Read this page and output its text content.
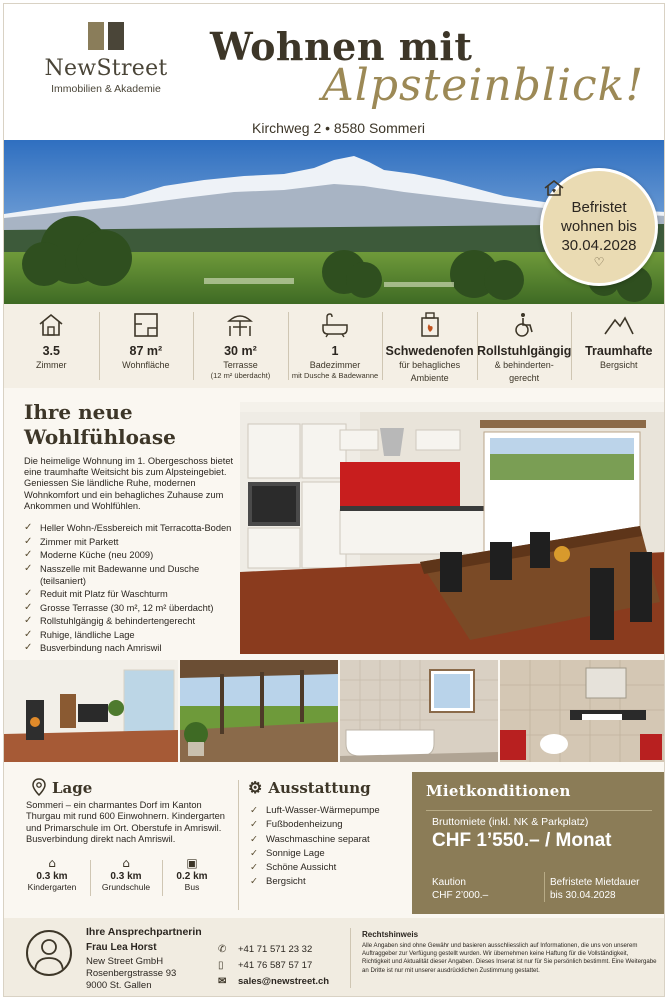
NewStreet
Immobilien & Akademie
Wohnen mit
Alpsteinblick!
Kirchweg 2 • 8580 Sommeri
Befristet
wohnen bis
30.04.2028
♡
3.5
Zimmer
87 m²
Wohnfläche
30 m²
Terrasse
(12 m² überdacht)
1
Badezimmer
mit Dusche & Badewanne
Schwedenofen
für behagliches
Ambiente
Rollstuhlgängig
& behinderten-
gerecht
Traumhafte
Bergsicht
Ihre neue
Wohlfühloase
Die heimelige Wohnung im 1. Obergeschoss bietet eine traumhafte Weitsicht bis zum Alpsteingebiet. Geniessen Sie ländliche Ruhe, modernen Wohnkomfort und ein behagliches Zuhause zum Ankommen und Wohlfühlen.
✓ Heller Wohn-/Essbereich mit Terracotta-Boden
✓ Zimmer mit Parkett
✓ Moderne Küche (neu 2009)
✓ Nasszelle mit Badewanne und Dusche (teilsaniert)
✓ Reduit mit Platz für Waschturm
✓ Grosse Terrasse (30 m², 12 m² überdacht)
✓ Rollstuhlgängig & behindertengerecht
✓ Ruhige, ländliche Lage
✓ Busverbindung nach Amriswil
Lage
Sommeri – ein charmantes Dorf im Kanton Thurgau mit rund 600 Einwohnern. Kindergarten und Primarschule im Ort. Oberstufe in Amriswil. Busverbindung direkt nach Amriswil.
⌂
0.3 km
Kindergarten
⌂
0.3 km
Grundschule
▣
0.2 km
Bus
⚙ Ausstattung
✓ Luft-Wasser-Wärmepumpe
✓ Fußbodenheizung
✓ Waschmaschine separat
✓ Sonnige Lage
✓ Schöne Aussicht
✓ Bergsicht
Mietkonditionen
Bruttomiete (inkl. NK & Parkplatz)
CHF 1’550.– / Monat
Kaution
CHF 2’000.–
Befristete Mietdauer
bis 30.04.2028
Ihre Ansprechpartnerin
Frau Lea Horst
New Street GmbH
Rosenbergstrasse 93
9000 St. Gallen
✆	+41 71 571 23 32
▯	+41 76 587 57 17
✉	sales@newstreet.ch
Rechtshinweis
Alle Angaben sind ohne Gewähr und basieren ausschliesslich auf Informationen, die uns von unserem Auftraggeber zur Verfügung gestellt wurden. Wir übernehmen keine Haftung für die Vollständigkeit, Richtigkeit und Aktualität dieser Angaben. Dieses Inserat ist nur für Sie persönlich bestimmt. Eine Weitergabe an Dritte ist nur mit unserer ausdrücklichen Zustimmung gestattet.
